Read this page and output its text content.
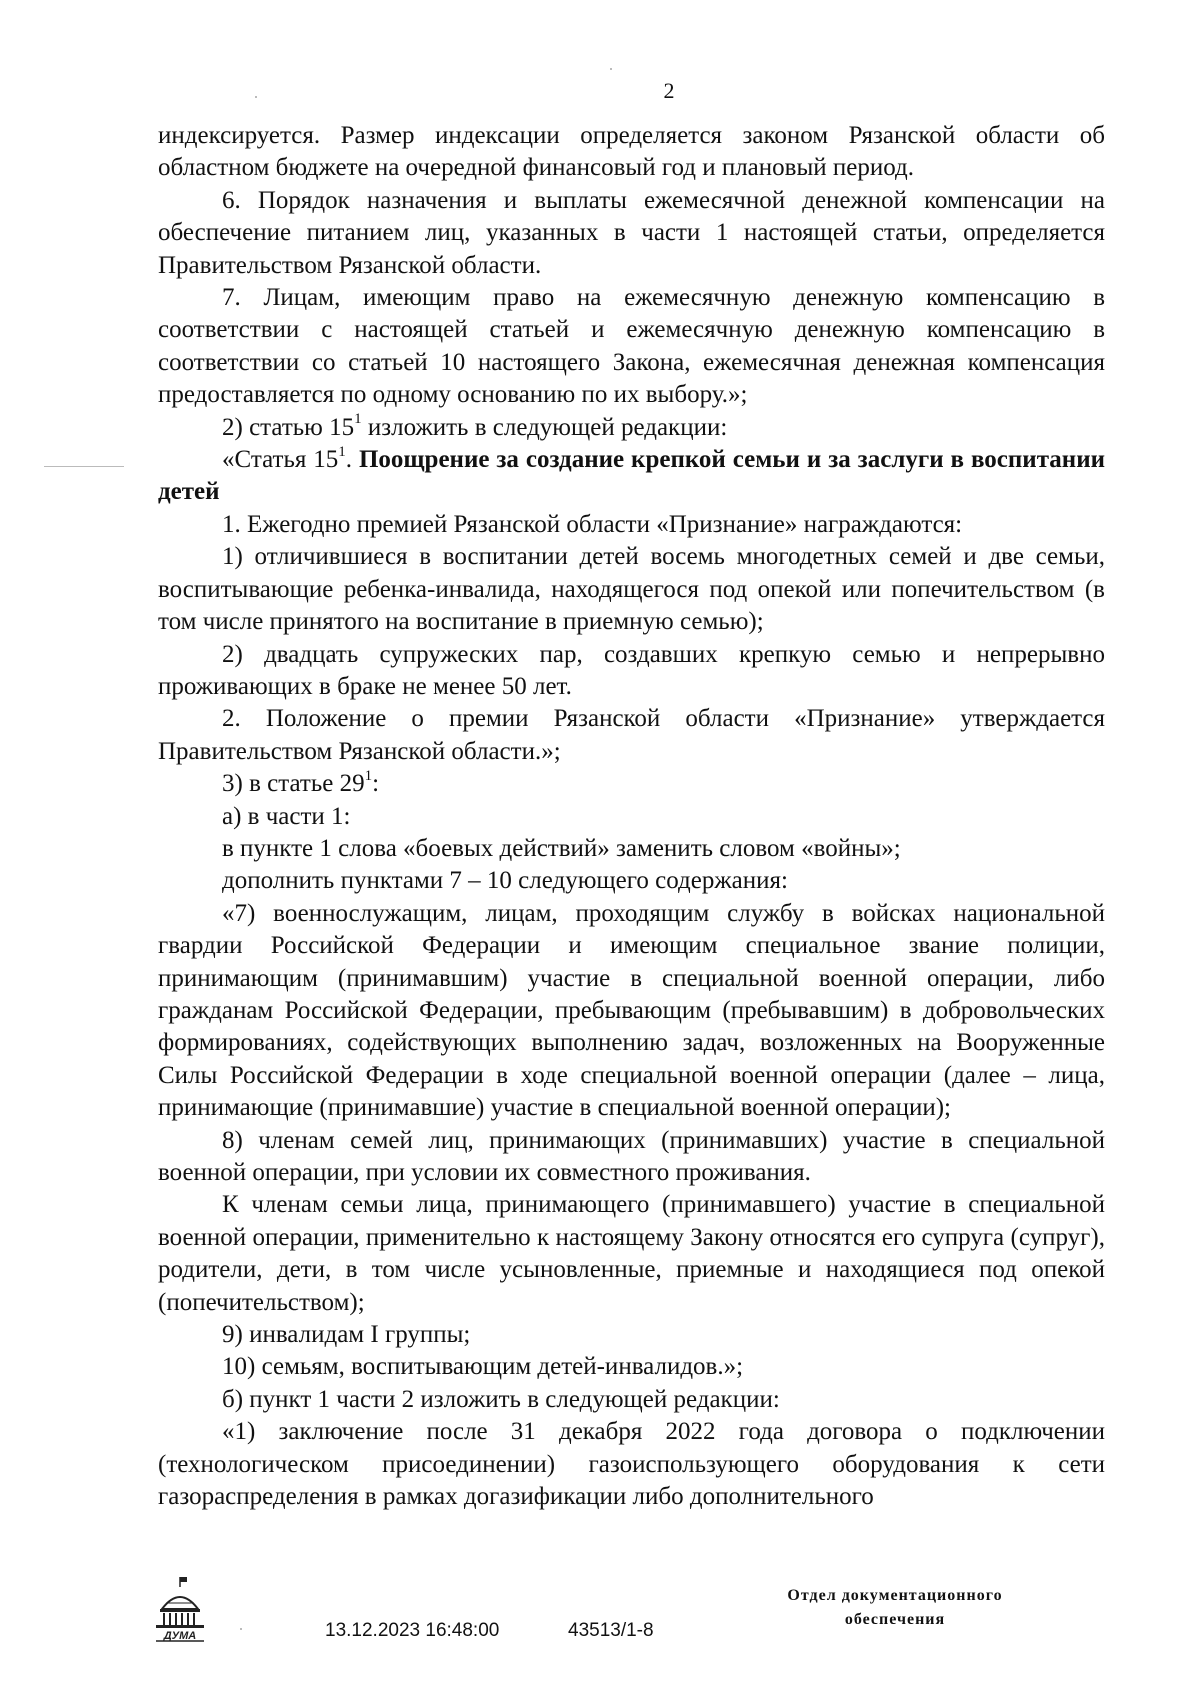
2

индексируется. Размер индексации определяется законом Рязанской области об областном бюджете на очередной финансовый год и плановый период.

6. Порядок назначения и выплаты ежемесячной денежной компенсации на обеспечение питанием лиц, указанных в части 1 настоящей статьи, определяется Правительством Рязанской области.

7. Лицам, имеющим право на ежемесячную денежную компенсацию в соответствии с настоящей статьей и ежемесячную денежную компенсацию в соответствии со статьей 10 настоящего Закона, ежемесячная денежная компенсация предоставляется по одному основанию по их выбору.»;

2) статью $15^1$ изложить в следующей редакции:

«Статья $15^1$. Поощрение за создание крепкой семьи и за заслуги в воспитании детей

1. Ежегодно премией Рязанской области «Признание» награждаются:

1) отличившиеся в воспитании детей восемь многодетных семей и две семьи, воспитывающие ребенка-инвалида, находящегося под опекой или попечительством (в том числе принятого на воспитание в приемную семью);

2) двадцать супружеских пар, создавших крепкую семью и непрерывно проживающих в браке не менее 50 лет.

2. Положение о премии Рязанской области «Признание» утверждается Правительством Рязанской области.»;

3) в статье $29^1$:

а) в части 1:

в пункте 1 слова «боевых действий» заменить словом «войны»;

дополнить пунктами 7 – 10 следующего содержания:

«7) военнослужащим, лицам, проходящим службу в войсках национальной гвардии Российской Федерации и имеющим специальное звание полиции, принимающим (принимавшим) участие в специальной военной операции, либо гражданам Российской Федерации, пребывающим (пребывавшим) в добровольческих формированиях, содействующих выполнению задач, возложенных на Вооруженные Силы Российской Федерации в ходе специальной военной операции (далее – лица, принимающие (принимавшие) участие в специальной военной операции);

8) членам семей лиц, принимающих (принимавших) участие в специальной военной операции, при условии их совместного проживания.

К членам семьи лица, принимающего (принимавшего) участие в специальной военной операции, применительно к настоящему Закону относятся его супруга (супруг), родители, дети, в том числе усыновленные, приемные и находящиеся под опекой (попечительством);

9) инвалидам I группы;

10) семьям, воспитывающим детей-инвалидов.»;

б) пункт 1 части 2 изложить в следующей редакции:

«1) заключение после 31 декабря 2022 года договора о подключении (технологическом присоединении) газоиспользующего оборудования к сети газораспределения в рамках догазификации либо дополнительного

ДУМА	13.12.2023 16:48:00	43513/1-8
Отдел документационного
обеспечения
